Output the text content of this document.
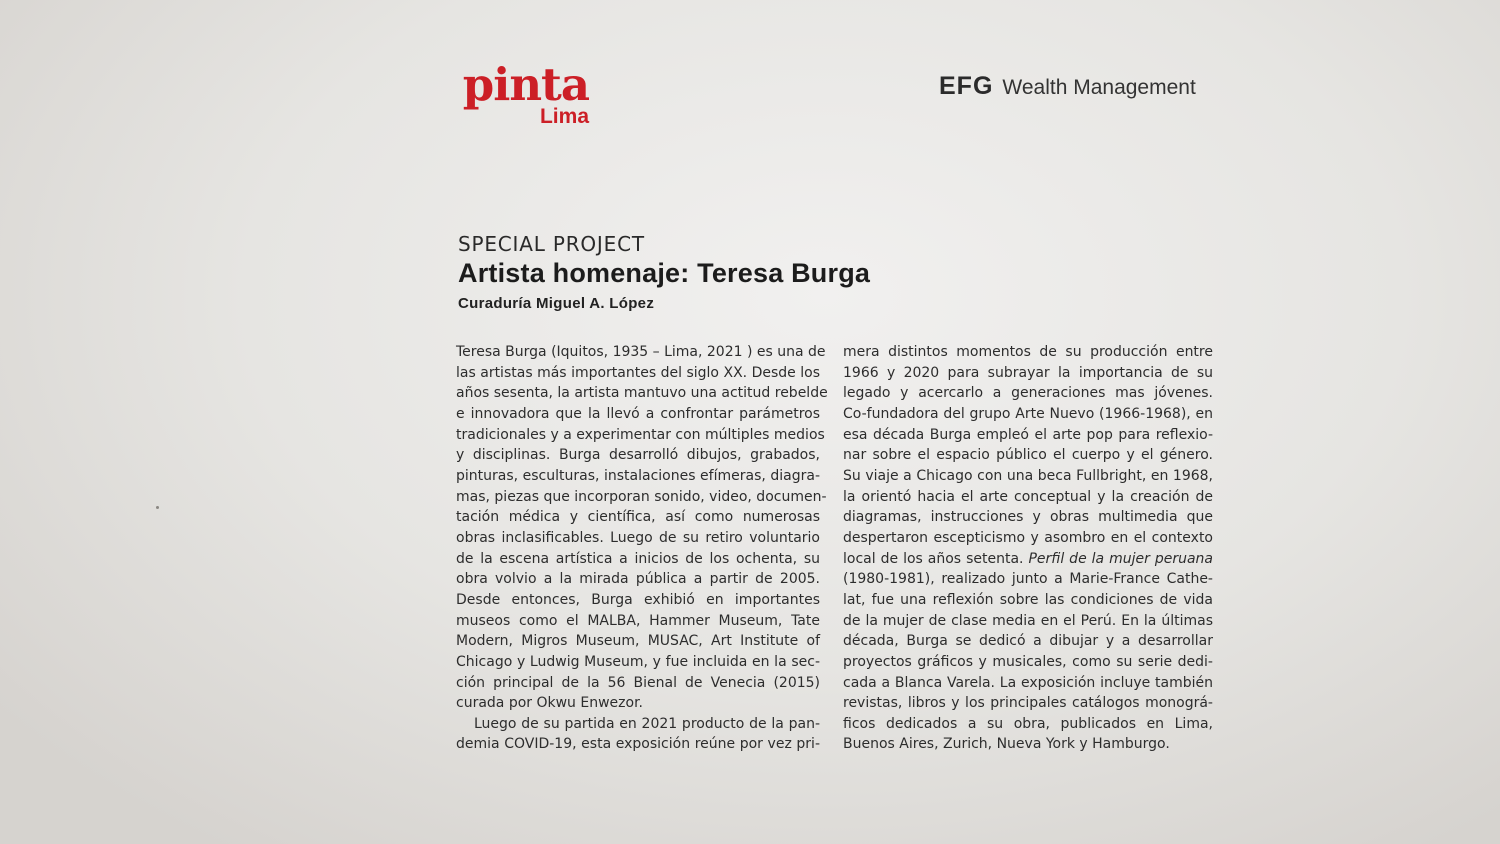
pinta
Lima
EFG Wealth Management
SPECIAL PROJECT
Artista homenaje: Teresa Burga
Curaduría Miguel A. López
Teresa Burga (Iquitos, 1935 – Lima, 2021 ) es una de
las artistas más importantes del siglo XX. Desde los
años sesenta, la artista mantuvo una actitud rebelde
e innovadora que la llevó a confrontar parámetros
tradicionales y a experimentar con múltiples medios
y disciplinas. Burga desarrolló dibujos, grabados,
pinturas, esculturas, instalaciones efímeras, diagra-
mas, piezas que incorporan sonido, video, documen-
tación médica y científica, así como numerosas
obras inclasificables. Luego de su retiro voluntario
de la escena artística a inicios de los ochenta, su
obra volvio a la mirada pública a partir de 2005.
Desde entonces, Burga exhibió en importantes
museos como el MALBA, Hammer Museum, Tate
Modern, Migros Museum, MUSAC, Art Institute of
Chicago y Ludwig Museum, y fue incluida en la sec-
ción principal de la 56 Bienal de Venecia (2015)
curada por Okwu Enwezor.
Luego de su partida en 2021 producto de la pan-
demia COVID-19, esta exposición reúne por vez pri-
mera distintos momentos de su producción entre
1966 y 2020 para subrayar la importancia de su
legado y acercarlo a generaciones mas jóvenes.
Co-fundadora del grupo Arte Nuevo (1966-1968), en
esa década Burga empleó el arte pop para reflexio-
nar sobre el espacio público el cuerpo y el género.
Su viaje a Chicago con una beca Fullbright, en 1968,
la orientó hacia el arte conceptual y la creación de
diagramas, instrucciones y obras multimedia que
despertaron escepticismo y asombro en el contexto
local de los años setenta. Perfil de la mujer peruana
(1980-1981), realizado junto a Marie-France Cathe-
lat, fue una reflexión sobre las condiciones de vida
de la mujer de clase media en el Perú. En la últimas
década, Burga se dedicó a dibujar y a desarrollar
proyectos gráficos y musicales, como su serie dedi-
cada a Blanca Varela. La exposición incluye también
revistas, libros y los principales catálogos monográ-
ficos dedicados a su obra, publicados en Lima,
Buenos Aires, Zurich, Nueva York y Hamburgo.
